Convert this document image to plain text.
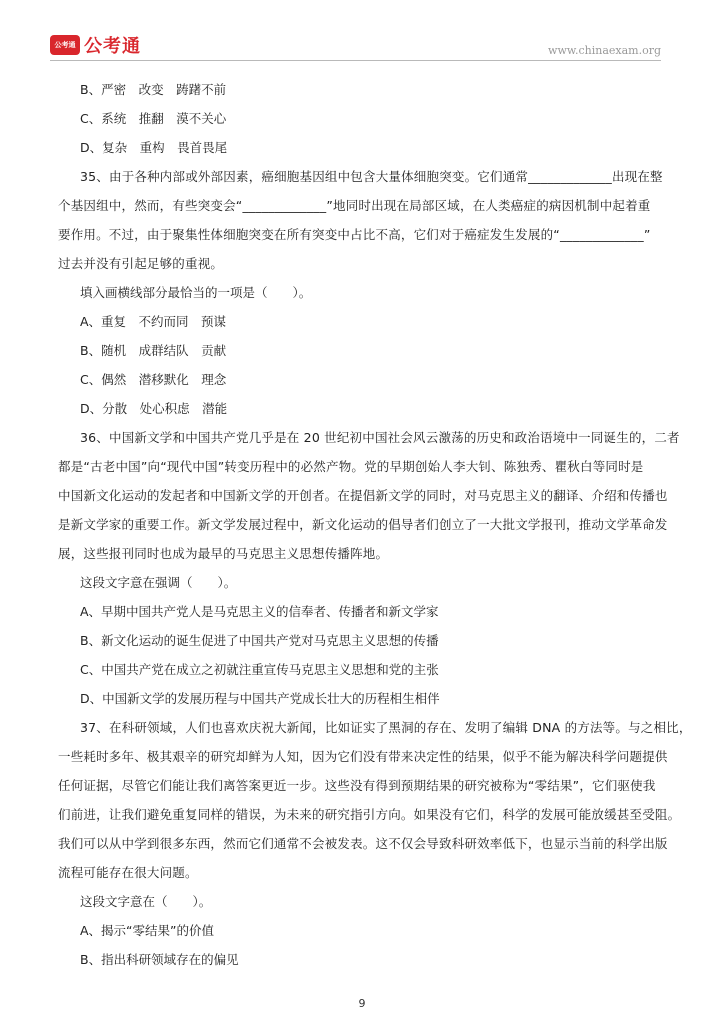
公考通 公考通	www.chinaexam.org

B、严密　改变　踌躇不前

C、系统　推翻　漠不关心

D、复杂　重构　畏首畏尾

35、由于各种内部或外部因素，癌细胞基因组中包含大量体细胞突变。它们通常_____________出现在整
个基因组中，然而，有些突变会“_____________”地同时出现在局部区域，在人类癌症的病因机制中起着重
要作用。不过，由于聚集性体细胞突变在所有突变中占比不高，它们对于癌症发生发展的“_____________”
过去并没有引起足够的重视。

填入画横线部分最恰当的一项是（　　）。

A、重复　不约而同　预谋

B、随机　成群结队　贡献

C、偶然　潜移默化　理念

D、分散　处心积虑　潜能

36、中国新文学和中国共产党几乎是在 20 世纪初中国社会风云激荡的历史和政治语境中一同诞生的，二者
都是“古老中国”向“现代中国”转变历程中的必然产物。党的早期创始人李大钊、陈独秀、瞿秋白等同时是
中国新文化运动的发起者和中国新文学的开创者。在提倡新文学的同时，对马克思主义的翻译、介绍和传播也
是新文学家的重要工作。新文学发展过程中，新文化运动的倡导者们创立了一大批文学报刊，推动文学革命发
展，这些报刊同时也成为最早的马克思主义思想传播阵地。

这段文字意在强调（　　）。

A、早期中国共产党人是马克思主义的信奉者、传播者和新文学家

B、新文化运动的诞生促进了中国共产党对马克思主义思想的传播

C、中国共产党在成立之初就注重宣传马克思主义思想和党的主张

D、中国新文学的发展历程与中国共产党成长壮大的历程相生相伴

37、在科研领域，人们也喜欢庆祝大新闻，比如证实了黑洞的存在、发明了编辑 DNA 的方法等。与之相比，
一些耗时多年、极其艰辛的研究却鲜为人知，因为它们没有带来决定性的结果，似乎不能为解决科学问题提供
任何证据，尽管它们能让我们离答案更近一步。这些没有得到预期结果的研究被称为“零结果”，它们驱使我
们前进，让我们避免重复同样的错误，为未来的研究指引方向。如果没有它们，科学的发展可能放缓甚至受阻。
我们可以从中学到很多东西，然而它们通常不会被发表。这不仅会导致科研效率低下，也显示当前的科学出版
流程可能存在很大问题。

这段文字意在（　　）。

A、揭示“零结果”的价值

B、指出科研领域存在的偏见

9
